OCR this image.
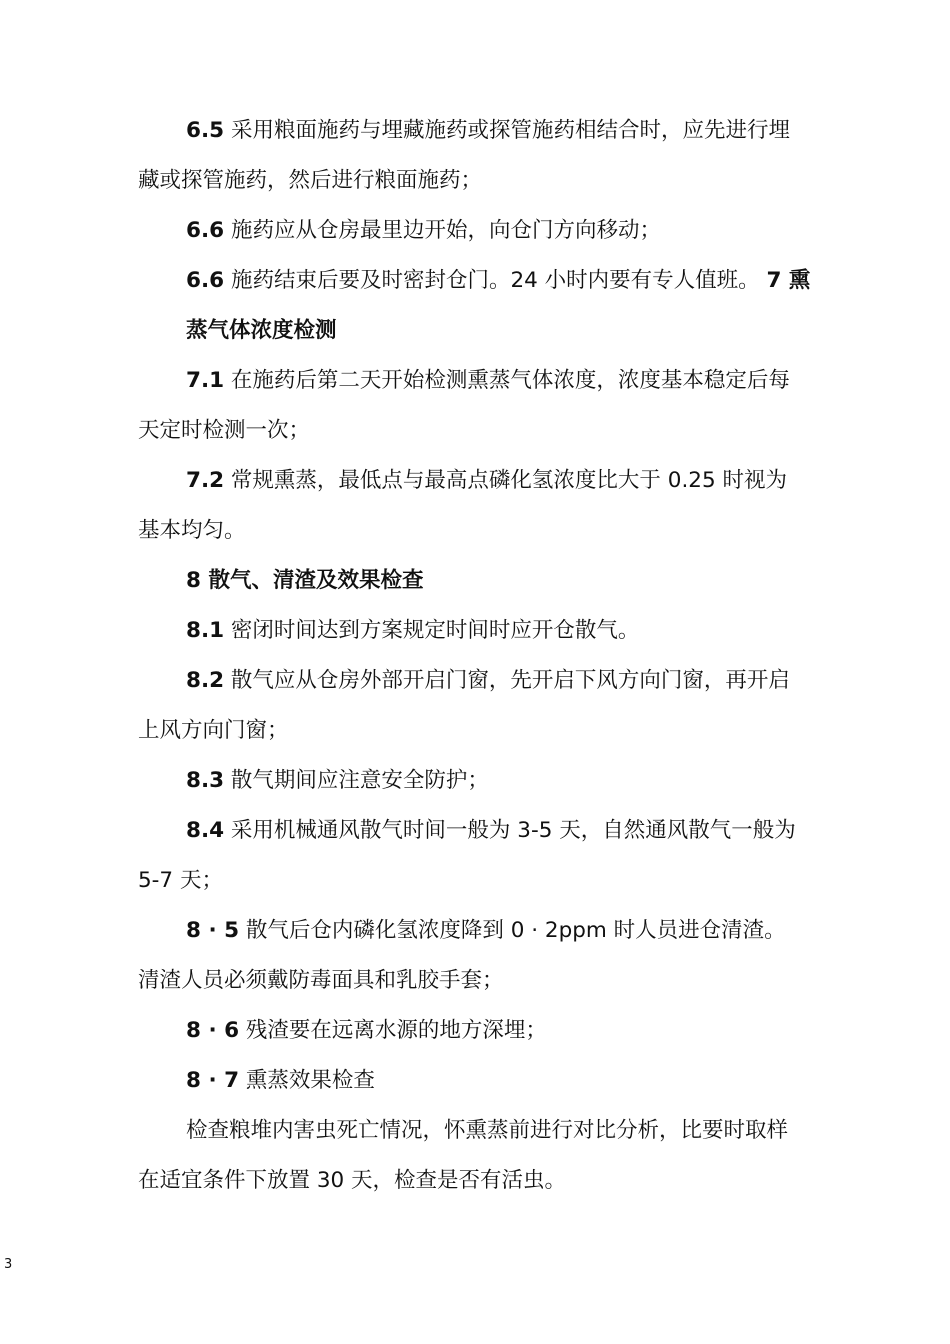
6.5 采用粮面施药与埋藏施药或探管施药相结合时，应先进行埋
藏或探管施药，然后进行粮面施药；
6.6 施药应从仓房最里边开始，向仓门方向移动；
6.6 施药结束后要及时密封仓门。24 小时内要有专人值班。 7 熏
蒸气体浓度检测
7.1 在施药后第二天开始检测熏蒸气体浓度，浓度基本稳定后每
天定时检测一次；
7.2 常规熏蒸，最低点与最高点磷化氢浓度比大于 0.25 时视为
基本均匀。
8 散气、清渣及效果检查
8.1 密闭时间达到方案规定时间时应开仓散气。
8.2 散气应从仓房外部开启门窗，先开启下风方向门窗，再开启
上风方向门窗；
8.3 散气期间应注意安全防护；
8.4 采用机械通风散气时间一般为 3-5 天，自然通风散气一般为
5-7 天；
8 · 5 散气后仓内磷化氢浓度降到 0 · 2ppm 时人员进仓清渣。
清渣人员必须戴防毒面具和乳胶手套；
8 · 6 残渣要在远离水源的地方深埋；
8 · 7 熏蒸效果检查
检查粮堆内害虫死亡情况，怀熏蒸前进行对比分析，比要时取样
在适宜条件下放置 30 天，检查是否有活虫。
3
